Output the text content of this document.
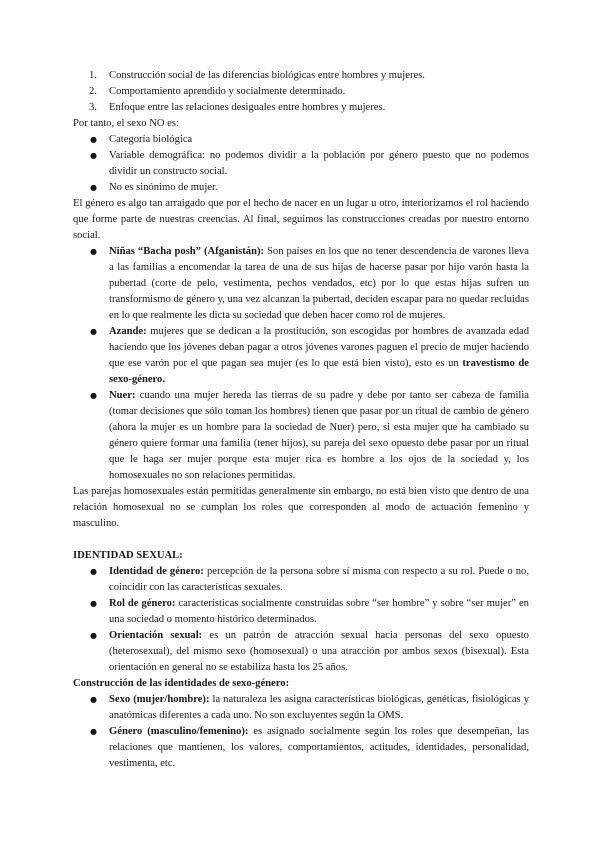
1. Construcción social de las diferencias biológicas entre hombres y mujeres.
2. Comportamiento aprendido y socialmente determinado.
3. Enfoque entre las relaciones desiguales entre hombres y mujeres.

Por tanto, el sexo NO es:

● Categoría biológica
● Variable demográfica: no podemos dividir a la población por género puesto que no podemos dividir un constructo social.
● No es sinónimo de mujer.

El género es algo tan arraigado que por el hecho de nacer en un lugar u otro, interiorizamos el rol haciendo que forme parte de nuestras creencias. Al final, seguimos las construcciones creadas por nuestro entorno social.

● Niñas “Bacha posh” (Afganistán): Son países en los que no tener descendencia de varones lleva a las familias a encomendar la tarea de una de sus hijas de hacerse pasar por hijo varón hasta la pubertad (corte de pelo, vestimenta, pechos vendados, etc) por lo que estas hijas sufren un transformismo de género y, una vez alcanzan la pubertad, deciden escapar para no quedar recluidas en lo que realmente les dicta su sociedad que deben hacer como rol de mujeres.
● Azande: mujeres que se dedican a la prostitución, son escogidas por hombres de avanzada edad haciendo que los jóvenes deban pagar a otros jóvenes varones paguen el precio de mujer haciendo que ese varón por el que pagan sea mujer (es lo que está bien visto), esto es un travestismo de sexo-género.
● Nuer: cuando una mujer hereda las tierras de su padre y debe por tanto ser cabeza de familia (tomar decisiones que sólo toman los hombres) tienen que pasar por un ritual de cambio de género (ahora la mujer es un hombre para la sociedad de Nuer) pero, si esta mujer que ha cambiado su género quiere formar una familia (tener hijos), su pareja del sexo opuesto debe pasar por un ritual que le haga ser mujer porque esta mujer rica es hombre a los ojos de la sociedad y, los homosexuales no son relaciones permitidas.

Las parejas homosexuales están permitidas generalmente sin embargo, no está bien visto que dentro de una relación homosexual no se cumplan los roles que corresponden al modo de actuación femenino y masculino.

IDENTIDAD SEXUAL:

● Identidad de género: percepción de la persona sobre sí misma con respecto a su rol. Puede o no, coincidir con las características sexuales.
● Rol de género: características socialmente construidas sobre “ser hombre” y sobre “ser mujer” en una sociedad o momento histórico determinados.
● Orientación sexual: es un patrón de atracción sexual hacia personas del sexo opuesto (heterosexual), del mismo sexo (homosexual) o una atracción por ambos sexos (bisexual). Esta orientación en general no se estabiliza hasta los 25 años.

Construcción de las identidades de sexo-género:

● Sexo (mujer/hombre): la naturaleza les asigna características biológicas, genéticas, fisiológicas y anatómicas diferentes a cada uno. No son excluyentes según la OMS.
● Género (masculino/femenino): es asignado socialmente según los roles que desempeñan, las relaciones que mantienen, los valores, comportamientos, actitudes, identidades, personalidad, vestimenta, etc.
